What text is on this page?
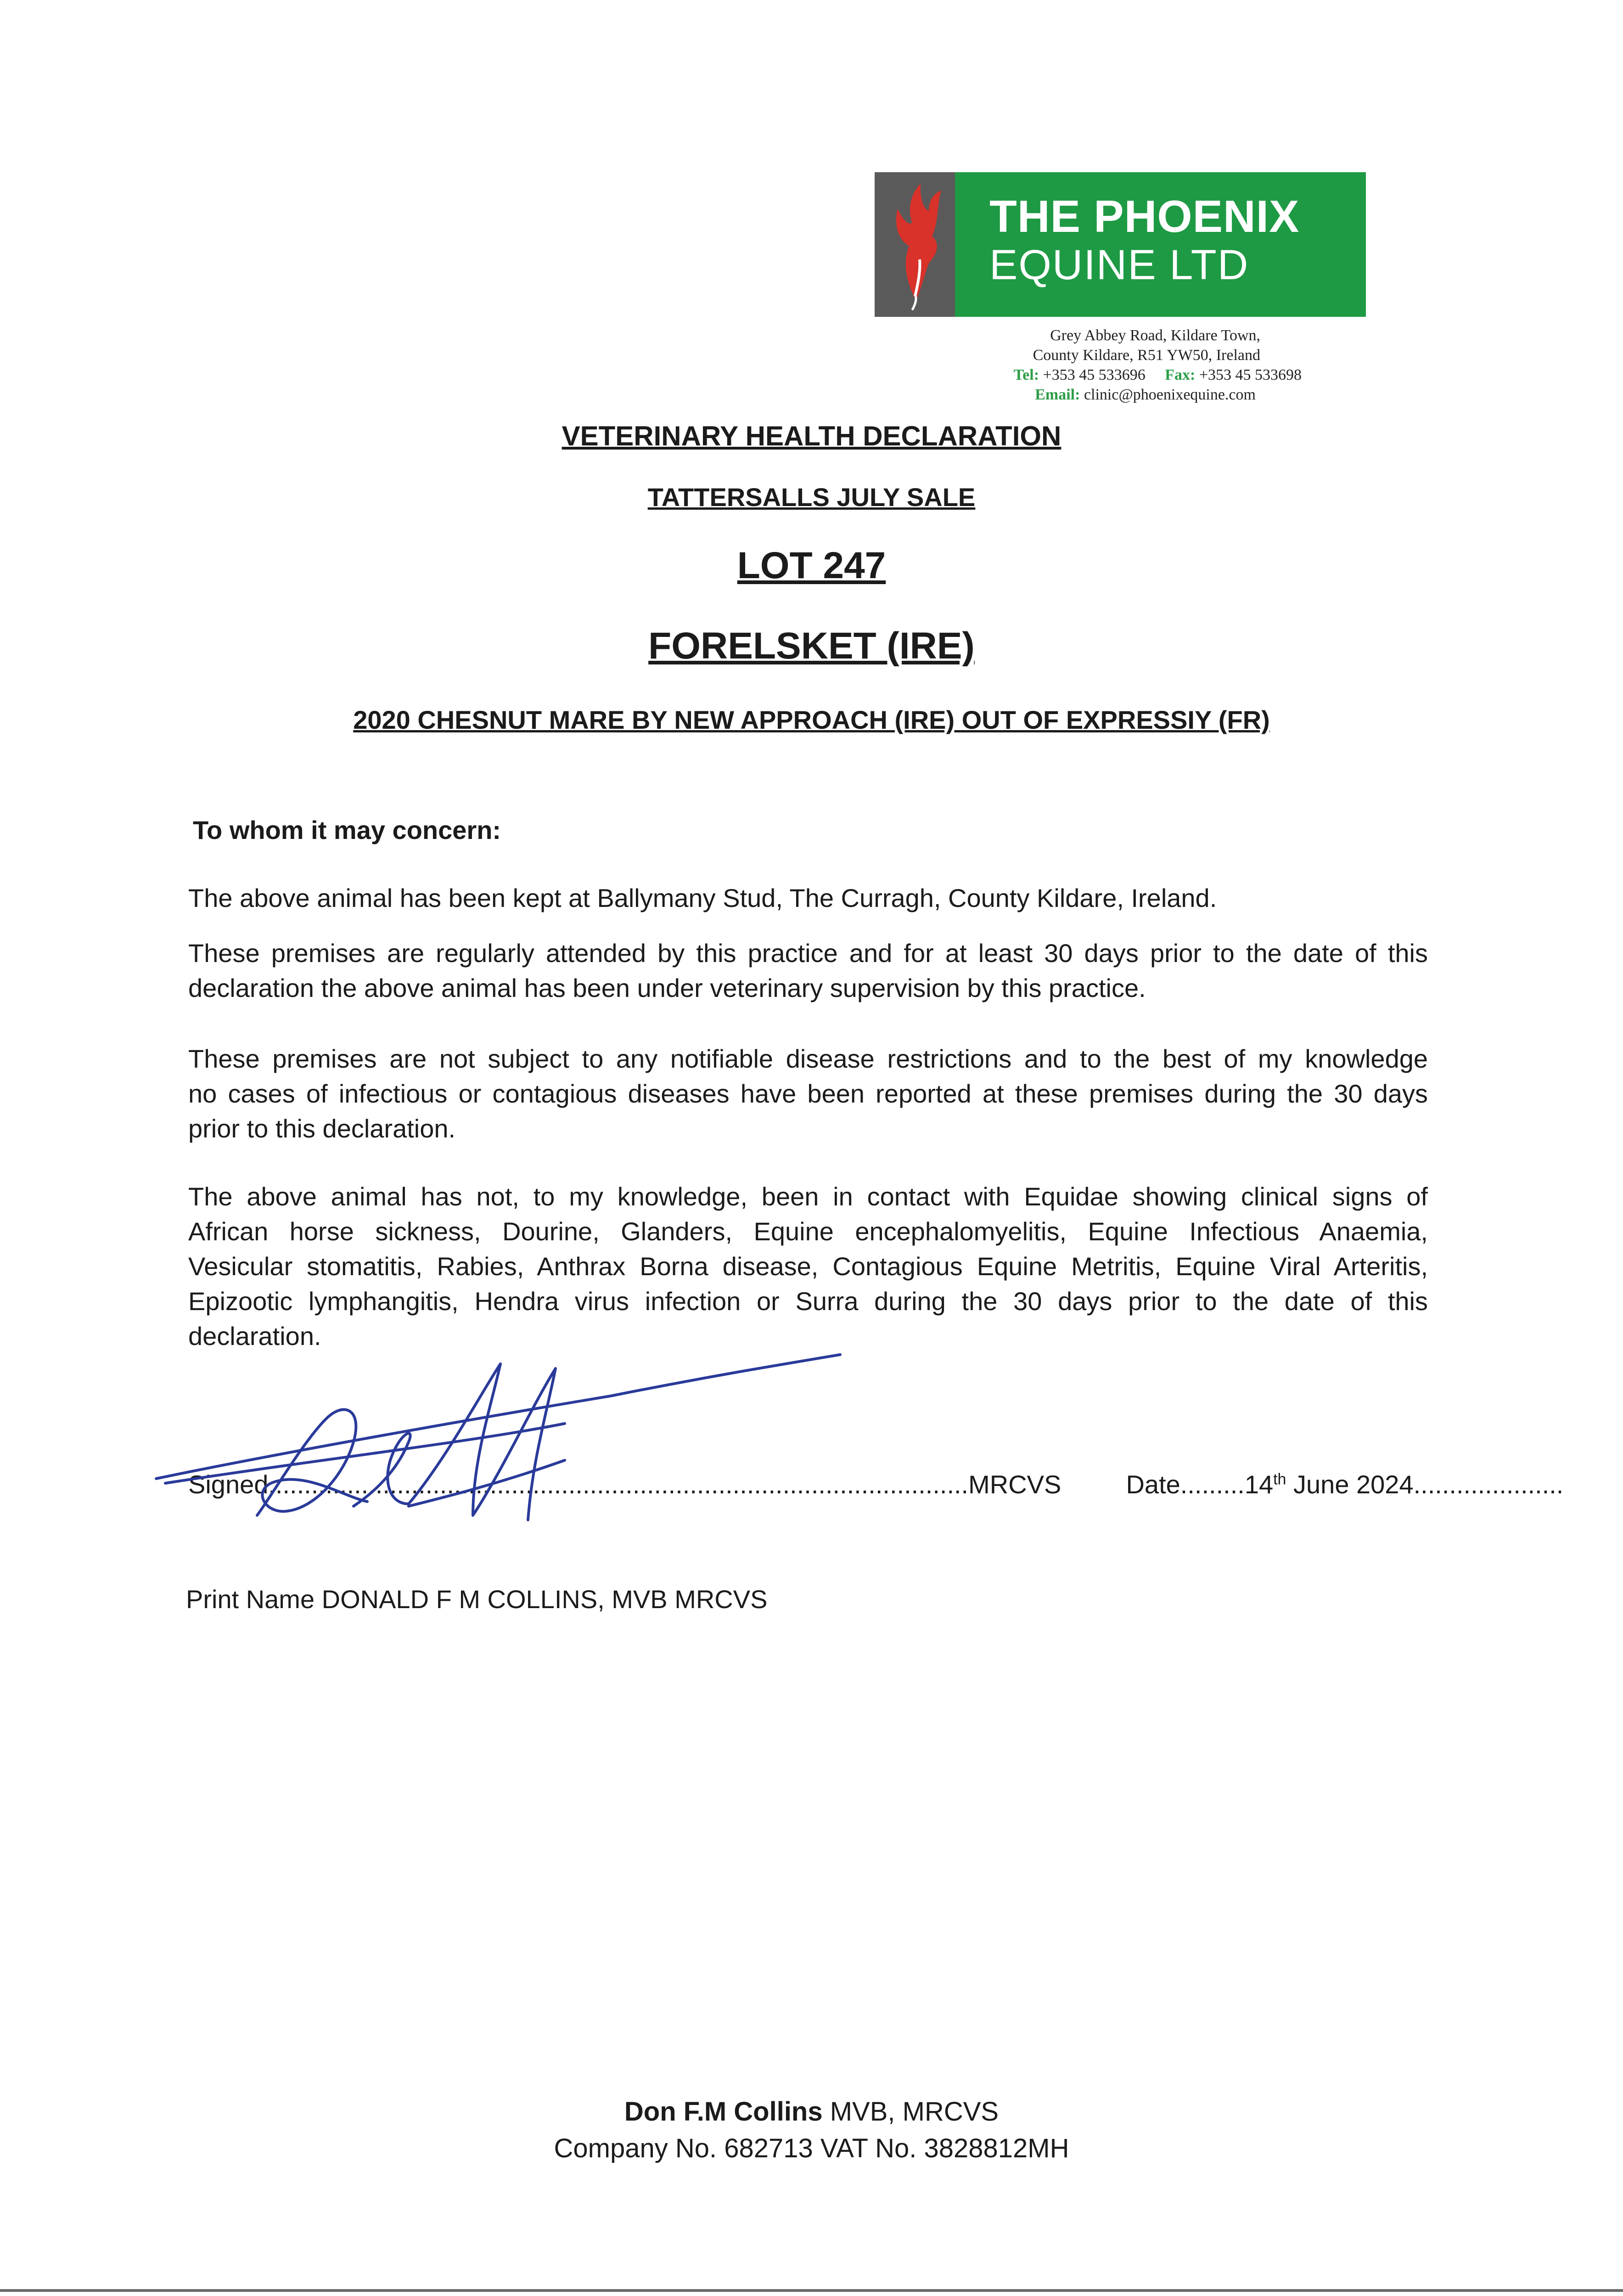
THE PHOENIX
EQUINE LTD
Grey Abbey Road, Kildare Town,
County Kildare, R51 YW50, Ireland
Tel: +353 45 533696 Fax: +353 45 533698
Email: clinic@phoenixequine.com
VETERINARY HEALTH DECLARATION
TATTERSALLS JULY SALE
LOT 247
FORELSKET (IRE)
2020 CHESNUT MARE BY NEW APPROACH (IRE) OUT OF EXPRESSIY (FR)
To whom it may concern:
The above animal has been kept at Ballymany Stud, The Curragh, County Kildare, Ireland.
These premises are regularly attended by this practice and for at least 30 days prior to the date of this
declaration the above animal has been under veterinary supervision by this practice.
These premises are not subject to any notifiable disease restrictions and to the best of my knowledge
no cases of infectious or contagious diseases have been reported at these premises during the 30 days
prior to this declaration.
The above animal has not, to my knowledge, been in contact with Equidae showing clinical signs of
African horse sickness, Dourine, Glanders, Equine encephalomyelitis, Equine Infectious Anaemia,
Vesicular stomatitis, Rabies, Anthrax Borna disease, Contagious Equine Metritis, Equine Viral Arteritis,
Epizootic lymphangitis, Hendra virus infection or Surra during the 30 days prior to the date of this
declaration.
Signed..................................................................................................MRCVS	Date.........14th June 2024.....................
Print Name DONALD F M COLLINS, MVB MRCVS
Don F.M Collins MVB, MRCVS
Company No. 682713 VAT No. 3828812MH
